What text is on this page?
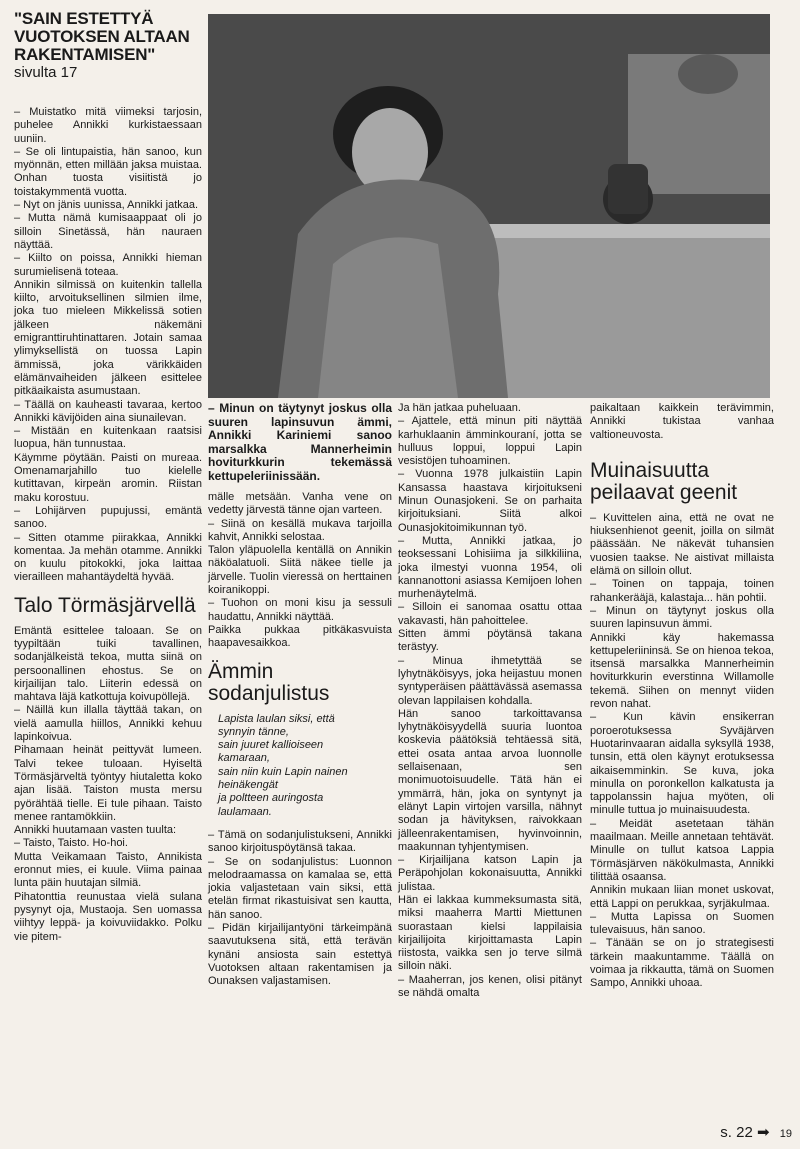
"SAIN ESTETTYÄ
VUOTOKSEN ALTAAN
RAKENTAMISEN"
sivulta 17

– Muistatko mitä viimeksi tarjosin, puhelee Annikki kurkistaessaan uuniin.

– Se oli lintupaistia, hän sanoo, kun myönnän, etten millään jaksa muistaa. Onhan tuosta visiitistä jo toistakymmentä vuotta.

– Nyt on jänis uunissa, Annikki jatkaa.

– Mutta nämä kumisaappaat oli jo silloin Sinetässä, hän nauraen näyttää.

– Kiilto on poissa, Annikki hieman surumielisenä toteaa.

Annikin silmissä on kuitenkin tallella kiilto, arvoituksellinen silmien ilme, joka tuo mieleen Mikkelissä sotien jälkeen näkemäni emigranttiruhtinattaren. Jotain samaa ylimyksellistä on tuossa Lapin ämmissä, joka värikkäiden elämänvaiheiden jälkeen esittelee pitkäaikaista asumustaan.

– Täällä on kauheasti tavaraa, kertoo Annikki kävijöiden aina siunailevan.

– Mistään en kuitenkaan raatsisi luopua, hän tunnustaa.

Käymme pöytään. Paisti on mureaa. Omenamarjahillo tuo kielelle kutittavan, kirpeän aromin. Riistan maku korostuu.

– Lohijärven pupujussi, emäntä sanoo.

– Sitten otamme piirakkaa, Annikki komentaa. Ja mehän otamme. Annikki on kuulu pitokokki, joka laittaa vierailleen mahantäydeltä hyvää.

Talo Törmäsjärvellä

Emäntä esittelee taloaan. Se on tyypiltään tuiki tavallinen, sodanjälkeistä tekoa, mutta siinä on persoonallinen ehostus. Se on kirjailijan talo. Liiterin edessä on mahtava läjä katkottuja koivupöllejä.

– Näillä kun illalla täyttää takan, on vielä aamulla hiillos, Annikki kehuu lapinkoivua.

Pihamaan heinät peittyvät lumeen. Talvi tekee tuloaan. Hyiseltä Törmäsjärveltä työntyy hiutaletta koko ajan lisää. Taiston musta mersu pyörähtää tielle. Ei tule pihaan. Taisto menee rantamökkiin.

Annikki huutamaan vasten tuulta:

– Taisto, Taisto. Ho-hoi.

Mutta Veikamaan Taisto, Annikista eronnut mies, ei kuule. Viima painaa lunta päin huutajan silmiä.

Pihatonttia reunustaa vielä sulana pysynyt oja, Mustaoja. Sen uomassa viihtyy leppä- ja koivuviidakko. Polku vie pitem-

– Minun on täytynyt joskus olla suuren lapinsuvun ämmi, Annikki Kariniemi sanoo marsalkka Mannerheimin hoviturkkurin tekemässä kettupeleriinissään.

mälle metsään. Vanha vene on vedetty järvestä tänne ojan varteen.

– Siinä on kesällä mukava tarjoilla kahvit, Annikki selostaa.

Talon yläpuolella kentällä on Annikin näköalatuoli. Siitä näkee tielle ja järvelle. Tuolin vieressä on herttainen koiranikoppi.

– Tuohon on moni kisu ja sessuli haudattu, Annikki näyttää.

Paikka pukkaa pitkäkasvuista haapavesaikkoa.

Ämmin sodanjulistus
Lapista laulan siksi, että
synnyin tänne,
sain juuret kallioiseen
kamaraan,
sain niin kuin Lapin nainen
heinäkengät
ja poltteen auringosta
laulamaan.

– Tämä on sodanjulistukseni, Annikki sanoo kirjoituspöytänsä takaa.

– Se on sodanjulistus: Luonnon melodraamassa on kamalaa se, että jokia valjastetaan vain siksi, että etelän firmat rikastuisivat sen kautta, hän sanoo.

– Pidän kirjailijantyöni tärkeimpänä saavutuksena sitä, että terävän kynäni ansiosta sain estettyä Vuotoksen altaan rakentamisen ja Ounaksen valjastamisen.

Ja hän jatkaa puheluaan.

– Ajattele, että minun piti näyttää karhuklaanin ämminkouraní, jotta se hulluus loppui, loppui Lapin vesistöjen tuhoaminen.

– Vuonna 1978 julkaistiin Lapin Kansassa haastava kirjoitukseni Minun Ounasjokeni. Se on parhaita kirjoituksiani. Siitä alkoi Ounasjokitoimikunnan työ.

– Mutta, Annikki jatkaa, jo teoksessani Lohisiima ja silkkiliina, joka ilmestyi vuonna 1954, oli kannanottoni asiassa Kemijoen lohen murhenäytelmä.

– Silloin ei sanomaa osattu ottaa vakavasti, hän pahoittelee.

Sitten ämmi pöytänsä takana terästyy.

– Minua ihmetyttää se lyhytnäköisyys, joka heijastuu monen syntyperäisen päättävässä asemassa olevan lappilaisen kohdalla.

Hän sanoo tarkoittavansa lyhytnäköisyydellä suuria luontoa koskevia päätöksiä tehtäessä sitä, ettei osata antaa arvoa luonnolle sellaisenaan, sen monimuotoisuudelle. Tätä hän ei ymmärrä, hän, joka on syntynyt ja elänyt Lapin virtojen varsilla, nähnyt sodan ja hävityksen, raivokkaan jälleenrakentamisen, hyvinvoinnin, maakunnan tyhjentymisen.

– Kirjailijana katson Lapin ja Peräpohjolan kokonaisuutta, Annikki julistaa.

Hän ei lakkaa kummeksumasta sitä, miksi maaherra Martti Miettunen suorastaan kielsi lappilaisia kirjailijoita kirjoittamasta Lapin riistosta, vaikka sen jo terve silmä silloin näki.

– Maaherran, jos kenen, olisi pitänyt se nähdä omalta

paikaltaan kaikkein terävimmin, Annikki tukistaa vanhaa valtioneuvosta.

Muinaisuutta peilaavat geenit

– Kuvittelen aina, että ne ovat ne hiuksenhienot geenit, joilla on silmät päässään. Ne näkevät tuhansien vuosien taakse. Ne aistivat millaista elämä on silloin ollut.

– Toinen on tappaja, toinen rahankerääjä, kalastaja... hän pohtii.

– Minun on täytynyt joskus olla suuren lapinsuvun ämmi.

Annikki käy hakemassa kettupeleriininsä. Se on hienoa tekoa, itsensä marsalkka Mannerheimin hoviturkkurin everstinna Willamolle tekemä. Siihen on mennyt viiden revon nahat.

– Kun kävin ensikerran poroerotuksessa Syväjärven Huotarinvaaran aidalla syksyllä 1938, tunsin, että olen käynyt erotuksessa aikaisemminkin. Se kuva, joka minulla on poronkellon kalkatusta ja tappolanssin hajua myöten, oli minulle tuttua jo muinaisuudesta.

– Meidät asetetaan tähän maailmaan. Meille annetaan tehtävät. Minulle on tullut katsoa Lappia Törmäsjärven näkökulmasta, Annikki tilittää osaansa.

Annikin mukaan liian monet uskovat, että Lappi on perukkaa, syrjäkulmaa.

– Mutta Lapissa on Suomen tulevaisuus, hän sanoo.

– Tänään se on jo strategisesti tärkein maakuntamme. Täällä on voimaa ja rikkautta, tämä on Suomen Sampo, Annikki uhoaa.

s. 22 ➡ 19
